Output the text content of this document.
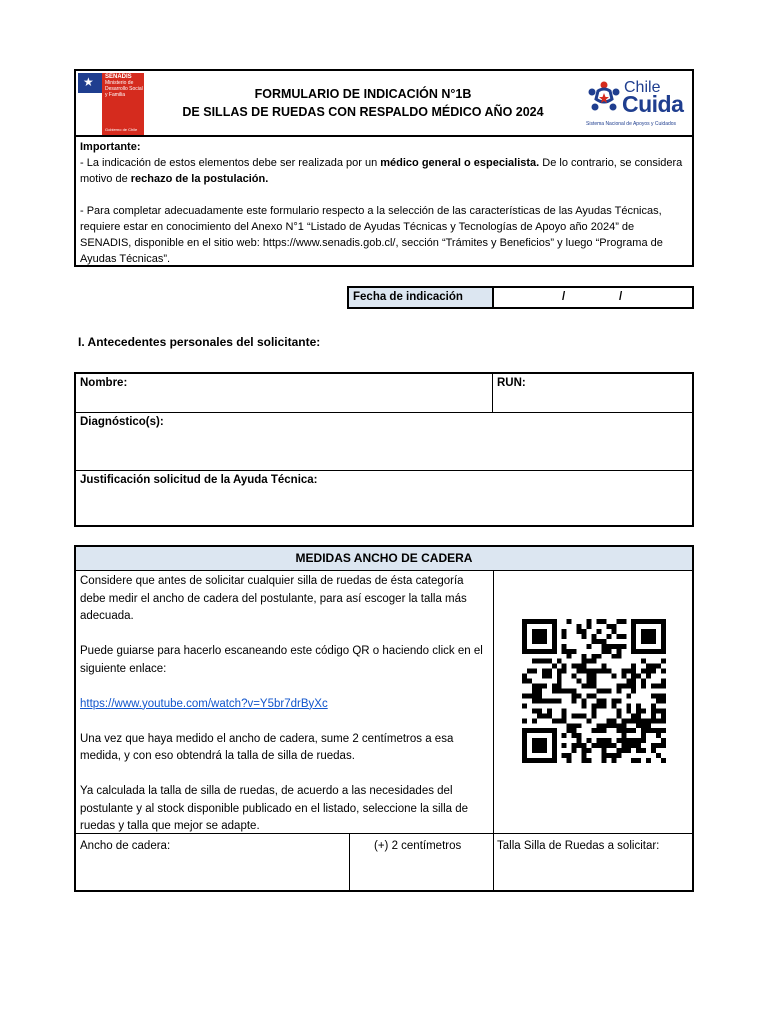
★ SENADIS
Ministerio de Desarrollo Social y Familia
Gobierno de Chile
FORMULARIO DE INDICACIÓN N°1B
DE SILLAS DE RUEDAS CON RESPALDO MÉDICO AÑO 2024
Chile
Cuida
Sistema Nacional de Apoyos y Cuidados

Importante:

- La indicación de estos elementos debe ser realizada por un médico general o especialista. De lo contrario, se considera motivo de rechazo de la postulación.

- Para completar adecuadamente este formulario respecto a la selección de las características de las Ayudas Técnicas, requiere estar en conocimiento del Anexo N°1 “Listado de Ayudas Técnicas y Tecnologías de Apoyo año 2024” de SENADIS, disponible en el sitio web: https://www.senadis.gob.cl/, sección “Trámites y Beneficios” y luego “Programa de Ayudas Técnicas”.

Fecha de indicación	/	/
I. Antecedentes personales del solicitante:
Nombre:	RUN:
Diagnóstico(s):
Justificación solicitud de la Ayuda Técnica:
MEDIDAS ANCHO DE CADERA

Considere que antes de solicitar cualquier silla de ruedas de ésta categoría debe medir el ancho de cadera del postulante, para así escoger la talla más adecuada.

Puede guiarse para hacerlo escaneando este código QR o haciendo click en el siguiente enlace:

https://www.youtube.com/watch?v=Y5br7drByXc

Una vez que haya medido el ancho de cadera, sume 2 centímetros a esa medida, y con eso obtendrá la talla de silla de ruedas.

Ya calculada la talla de silla de ruedas, de acuerdo a las necesidades del postulante y al stock disponible publicado en el listado, seleccione la silla de ruedas y talla que mejor se adapte.

Ancho de cadera:	(+) 2 centímetros	Talla Silla de Ruedas a solicitar:
